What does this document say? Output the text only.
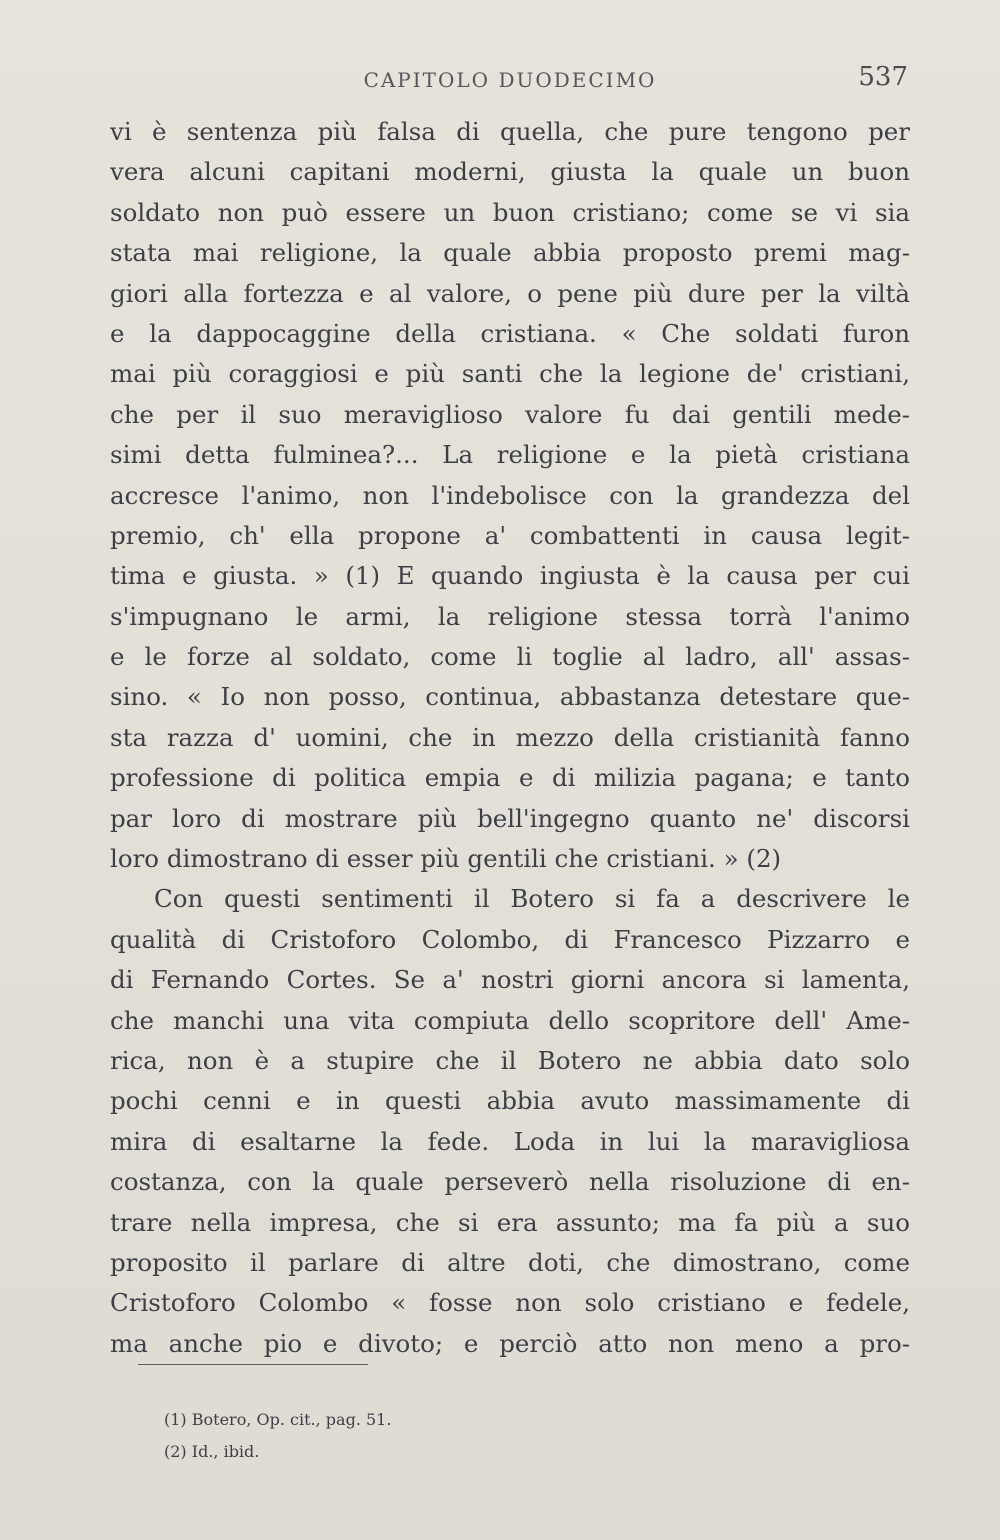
CAPITOLO DUODECIMO	537
vi è sentenza più falsa di quella, che pure tengono per
vera alcuni capitani moderni, giusta la quale un buon
soldato non può essere un buon cristiano; come se vi sia
stata mai religione, la quale abbia proposto premi mag-
giori alla fortezza e al valore, o pene più dure per la viltà
e la dappocaggine della cristiana. « Che soldati furon
mai più coraggiosi e più santi che la legione de' cristiani,
che per il suo meraviglioso valore fu dai gentili mede-
simi detta fulminea?... La religione e la pietà cristiana
accresce l'animo, non l'indebolisce con la grandezza del
premio, ch' ella propone a' combattenti in causa legit-
tima e giusta. » (1) E quando ingiusta è la causa per cui
s'impugnano le armi, la religione stessa torrà l'animo
e le forze al soldato, come li toglie al ladro, all' assas-
sino. « Io non posso, continua, abbastanza detestare que-
sta razza d' uomini, che in mezzo della cristianità fanno
professione di politica empia e di milizia pagana; e tanto
par loro di mostrare più bell'ingegno quanto ne' discorsi
loro dimostrano di esser più gentili che cristiani. » (2)
Con questi sentimenti il Botero si fa a descrivere le
qualità di Cristoforo Colombo, di Francesco Pizzarro e
di Fernando Cortes. Se a' nostri giorni ancora si lamenta,
che manchi una vita compiuta dello scopritore dell' Ame-
rica, non è a stupire che il Botero ne abbia dato solo
pochi cenni e in questi abbia avuto massimamente di
mira di esaltarne la fede. Loda in lui la maravigliosa
costanza, con la quale perseverò nella risoluzione di en-
trare nella impresa, che si era assunto; ma fa più a suo
proposito il parlare di altre doti, che dimostrano, come
Cristoforo Colombo « fosse non solo cristiano e fedele,
ma anche pio e divoto; e perciò atto non meno a pro-
(1) Botero, Op. cit., pag. 51.
(2) Id., ibid.
